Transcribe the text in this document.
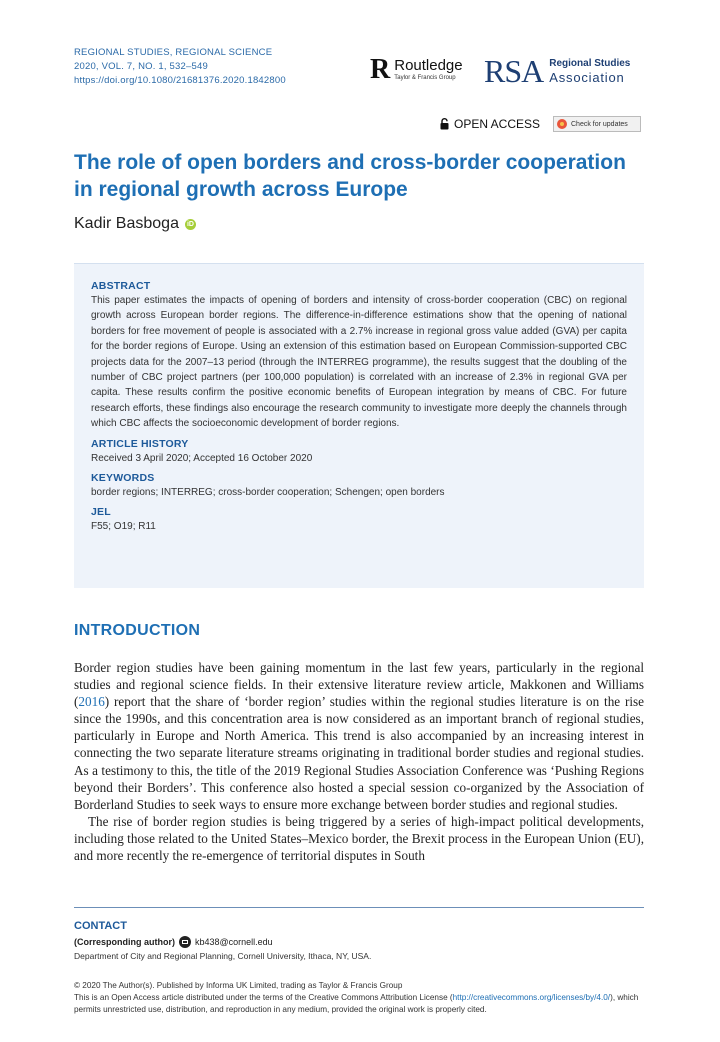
REGIONAL STUDIES, REGIONAL SCIENCE
2020, VOL. 7, NO. 1, 532–549
https://doi.org/10.1080/21681376.2020.1842800	R Routledge
Taylor & Francis Group RSA Regional Studies
Association
OPEN ACCESS	Check for updates
The role of open borders and cross-border cooperation in regional growth across Europe
Kadir Basboga iD
ABSTRACT
This paper estimates the impacts of opening of borders and intensity of cross-border cooperation (CBC) on regional growth across European border regions. The difference-in-difference estimations show that the opening of national borders for free movement of people is associated with a 2.7% increase in regional gross value added (GVA) per capita for the border regions of Europe. Using an extension of this estimation based on European Commission-supported CBC projects data for the 2007–13 period (through the INTERREG programme), the results suggest that the doubling of the number of CBC project partners (per 100,000 population) is correlated with an increase of 2.3% in regional GVA per capita. These results confirm the positive economic benefits of European integration by means of CBC. For future research efforts, these findings also encourage the research community to investigate more deeply the channels through which CBC affects the socioeconomic development of border regions.
ARTICLE HISTORY
Received 3 April 2020; Accepted 16 October 2020
KEYWORDS
border regions; INTERREG; cross-border cooperation; Schengen; open borders
JEL
F55; O19; R11
INTRODUCTION

Border region studies have been gaining momentum in the last few years, particularly in the regional studies and regional science fields. In their extensive literature review article, Makkonen and Williams (2016) report that the share of ‘border region’ studies within the regional studies literature is on the rise since the 1990s, and this concentration area is now considered as an important branch of regional studies, particularly in Europe and North America. This trend is also accompanied by an increasing interest in connecting the two separate literature streams originating in traditional border studies and regional studies. As a testimony to this, the title of the 2019 Regional Studies Association Conference was ‘Pushing Regions beyond their Borders’. This conference also hosted a special session co-organized by the Association of Borderland Studies to seek ways to ensure more exchange between border studies and regional studies.

The rise of border region studies is being triggered by a series of high-impact political developments, including those related to the United States–Mexico border, the Brexit process in the European Union (EU), and more recently the re-emergence of territorial disputes in South

CONTACT
(Corresponding author) kb438@cornell.edu
Department of City and Regional Planning, Cornell University, Ithaca, NY, USA.
© 2020 The Author(s). Published by Informa UK Limited, trading as Taylor & Francis Group
This is an Open Access article distributed under the terms of the Creative Commons Attribution License (http://creativecommons.org/licenses/by/4.0/), which permits unrestricted use, distribution, and reproduction in any medium, provided the original work is properly cited.
